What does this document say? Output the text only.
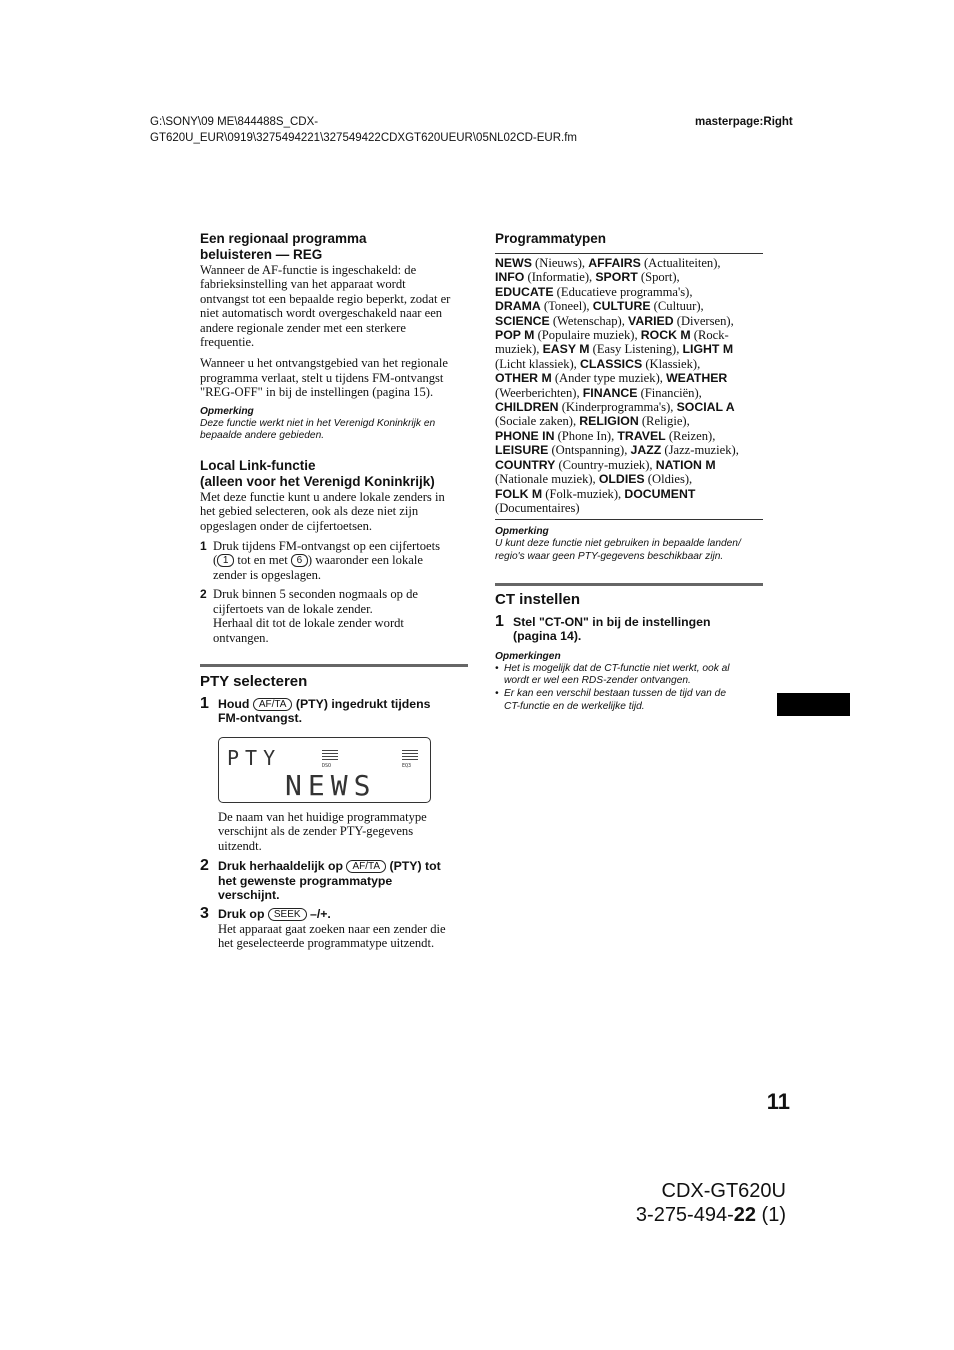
G:\SONY\09 ME\844488S_CDX-
GT620U_EUR\0919\3275494221\327549422CDXGT620UEUR\05NL02CD-EUR.fm
masterpage:Right

Een regionaal programma

beluisteren — REG

Wanneer de AF-functie is ingeschakeld: de
fabrieksinstelling van het apparaat wordt
ontvangst tot een bepaalde regio beperkt, zodat er
niet automatisch wordt overgeschakeld naar een
andere regionale zender met een sterkere
frequentie.
Wanneer u het ontvangstgebied van het regionale
programma verlaat, stelt u tijdens FM-ontvangst
"REG-OFF" in bij de instellingen (pagina 15).

Opmerking

Deze functie werkt niet in het Verenigd Koninkrijk en

bepaalde andere gebieden.

Local Link-functie

(alleen voor het Verenigd Koninkrijk)

Met deze functie kunt u andere lokale zenders in
het gebied selecteren, ook als deze niet zijn
opgeslagen onder de cijfertoetsen.
1 Druk tijdens FM-ontvangst op een cijfertoets
( 1 tot en met 6 ) waaronder een lokale
zender is opgeslagen.
2 Druk binnen 5 seconden nogmaals op de
cijfertoets van de lokale zender.
Herhaal dit tot de lokale zender wordt
ontvangen.

PTY selecteren

1 Houd AF/TA (PTY) ingedrukt tijdens
FM-ontvangst.
PTY	DSO	EQ3
NEWS
De naam van het huidige programmatype
verschijnt als de zender PTY-gegevens
uitzendt.
2 Druk herhaaldelijk op AF/TA (PTY) tot
het gewenste programmatype
verschijnt.
3 Druk op SEEK –/+.
Het apparaat gaat zoeken naar een zender die
het geselecteerde programmatype uitzendt.

Programmatypen

NEWS (Nieuws), AFFAIRS (Actualiteiten),
INFO (Informatie), SPORT (Sport),
EDUCATE (Educatieve programma's),
DRAMA (Toneel), CULTURE (Cultuur),
SCIENCE (Wetenschap), VARIED (Diversen),
POP M (Populaire muziek), ROCK M (Rock-
muziek), EASY M (Easy Listening), LIGHT M
(Licht klassiek), CLASSICS (Klassiek),
OTHER M (Ander type muziek), WEATHER
(Weerberichten), FINANCE (Financiën),
CHILDREN (Kinderprogramma's), SOCIAL A
(Sociale zaken), RELIGION (Religie),
PHONE IN (Phone In), TRAVEL (Reizen),
LEISURE (Ontspanning), JAZZ (Jazz-muziek),
COUNTRY (Country-muziek), NATION M
(Nationale muziek), OLDIES (Oldies),
FOLK M (Folk-muziek), DOCUMENT
(Documentaires)

Opmerking

U kunt deze functie niet gebruiken in bepaalde landen/

regio's waar geen PTY-gegevens beschikbaar zijn.

CT instellen

1 Stel "CT-ON" in bij de instellingen
(pagina 14).

Opmerkingen

• Het is mogelijk dat de CT-functie niet werkt, ook al
wordt er wel een RDS-zender ontvangen.
• Er kan een verschil bestaan tussen de tijd van de
CT-functie en de werkelijke tijd.
11
CDX-GT620U
3-275-494-22 (1)
